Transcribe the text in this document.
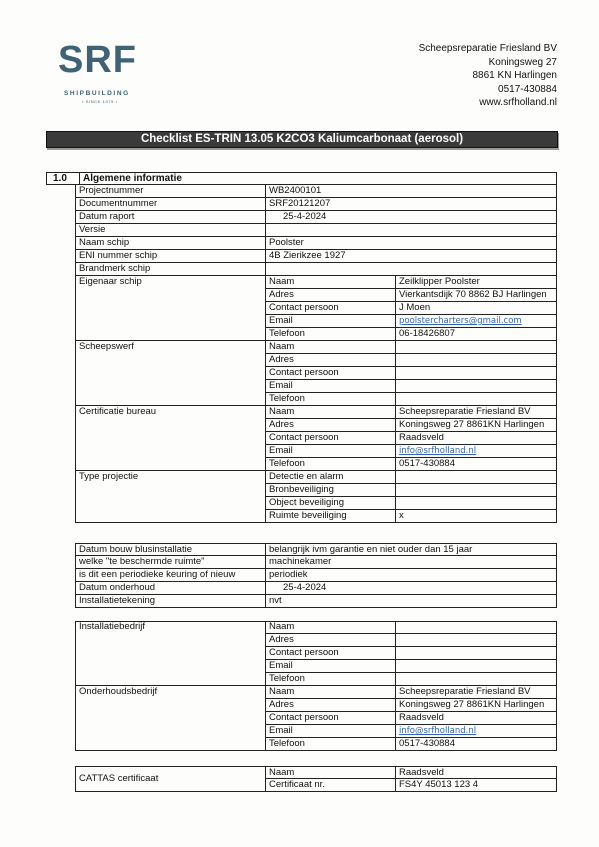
SRF
SHIPBUILDING
• SINCE 1975 •
Scheepsreparatie Friesland BV
Koningsweg 27
8861 KN Harlingen
0517-430884
www.srfholland.nl
Checklist ES-TRIN 13.05 K2CO3 Kaliumcarbonaat (aerosol)
1.0	Algemene informatie
Projectnummer	WB2400101
Documentnummer	SRF20121207
Datum raport	25-4-2024
Versie
Naam schip	Poolster
ENI nummer schip	4B Zierikzee 1927
Brandmerk schip
Eigenaar schip	Naam	Zeilklipper Poolster
Adres	Vierkantsdijk 70 8862 BJ Harlingen
Contact persoon	J Moen
Email	poolstercharters@gmail.com
Telefoon	06-18426807
Scheepswerf	Naam
Adres
Contact persoon
Email
Telefoon
Certificatie bureau	Naam	Scheepsreparatie Friesland BV
Adres	Koningsweg 27 8861KN Harlingen
Contact persoon	Raadsveld
Email	info@srfholland.nl
Telefoon	0517-430884
Type projectie	Detectie en alarm
Bronbeveiliging
Object beveiliging
Ruimte beveiliging	x
Datum bouw blusinstallatie	belangrijk ivm garantie en niet ouder dan 15 jaar
welke "te beschermde ruimte"	machinekamer
is dit een periodieke keuring of nieuw	periodiek
Datum onderhoud	25-4-2024
Installatietekening	nvt
Installatiebedrijf	Naam
Adres
Contact persoon
Email
Telefoon
Onderhoudsbedrijf	Naam	Scheepsreparatie Friesland BV
Adres	Koningsweg 27 8861KN Harlingen
Contact persoon	Raadsveld
Email	info@srfholland.nl
Telefoon	0517-430884
CATTAS certificaat
Naam	Raadsveld
Certificaat nr.	FS4Y 45013 123 4
